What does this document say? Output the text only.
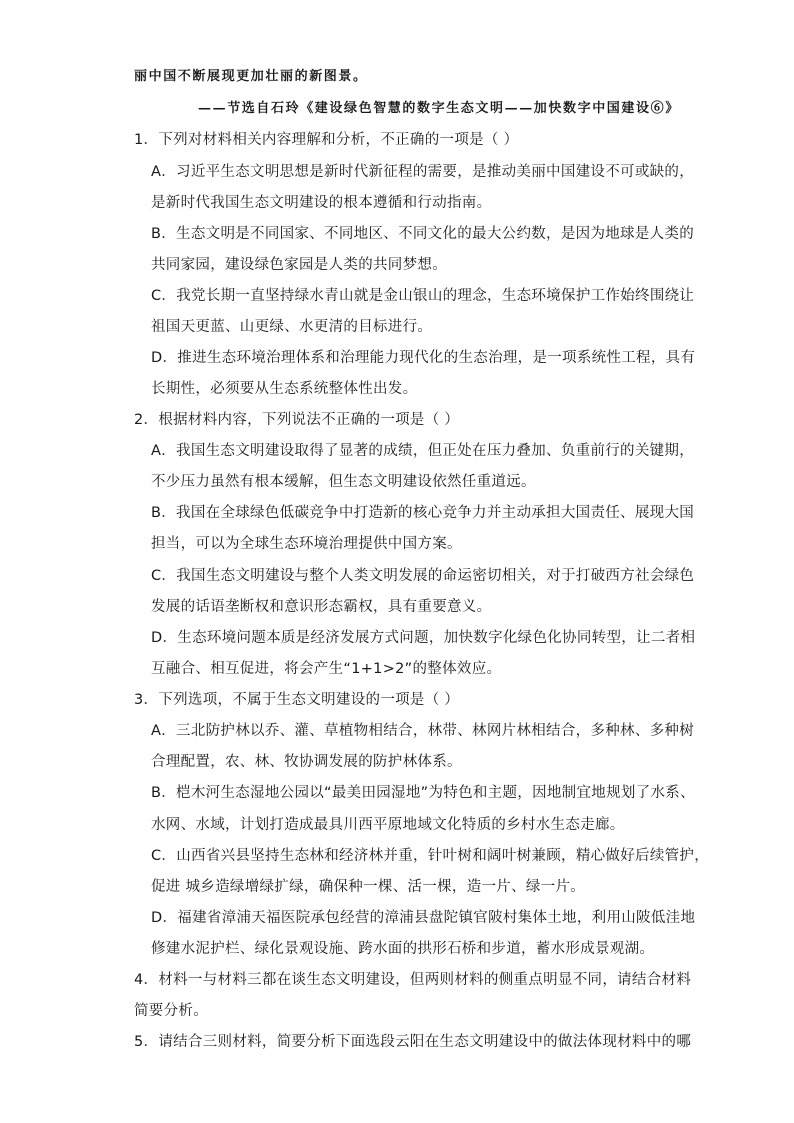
丽中国不断展现更加壮丽的新图景。
——节选自石玲《建设绿色智慧的数字生态文明——加快数字中国建设⑥》
1．下列对材料相关内容理解和分析，不正确的一项是（ ）
A．习近平生态文明思想是新时代新征程的需要，是推动美丽中国建设不可或缺的，
是新时代我国生态文明建设的根本遵循和行动指南。
B．生态文明是不同国家、不同地区、不同文化的最大公约数，是因为地球是人类的
共同家园，建设绿色家园是人类的共同梦想。
C．我党长期一直坚持绿水青山就是金山银山的理念，生态环境保护工作始终围绕让
祖国天更蓝、山更绿、水更清的目标进行。
D．推进生态环境治理体系和治理能力现代化的生态治理，是一项系统性工程，具有
长期性，必须要从生态系统整体性出发。
2．根据材料内容，下列说法不正确的一项是（ ）
A．我国生态文明建设取得了显著的成绩，但正处在压力叠加、负重前行的关键期，
不少压力虽然有根本缓解，但生态文明建设依然任重道远。
B．我国在全球绿色低碳竞争中打造新的核心竞争力并主动承担大国责任、展现大国
担当，可以为全球生态环境治理提供中国方案。
C．我国生态文明建设与整个人类文明发展的命运密切相关，对于打破西方社会绿色
发展的话语垄断权和意识形态霸权，具有重要意义。
D．生态环境问题本质是经济发展方式问题，加快数字化绿色化协同转型，让二者相
互融合、相互促进，将会产生“1+1>2”的整体效应。
3．下列选项，不属于生态文明建设的一项是（ ）
A．三北防护林以乔、灌、草植物相结合，林带、林网片林相结合，多种林、多种树
合理配置，农、林、牧协调发展的防护林体系。
B．桤木河生态湿地公园以“最美田园湿地”为特色和主题，因地制宜地规划了水系、
水网、水域，计划打造成最具川西平原地域文化特质的乡村水生态走廊。
C．山西省兴县坚持生态林和经济林并重，针叶树和阔叶树兼顾，精心做好后续管护，
促进 城乡造绿增绿扩绿，确保种一棵、活一棵，造一片、绿一片。
D．福建省漳浦天福医院承包经营的漳浦县盘陀镇官陂村集体土地，利用山陂低洼地
修建水泥护栏、绿化景观设施、跨水面的拱形石桥和步道，蓄水形成景观湖。
4．材料一与材料三都在谈生态文明建设，但两则材料的侧重点明显不同，请结合材料
简要分析。
5．请结合三则材料，简要分析下面选段云阳在生态文明建设中的做法体现材料中的哪
